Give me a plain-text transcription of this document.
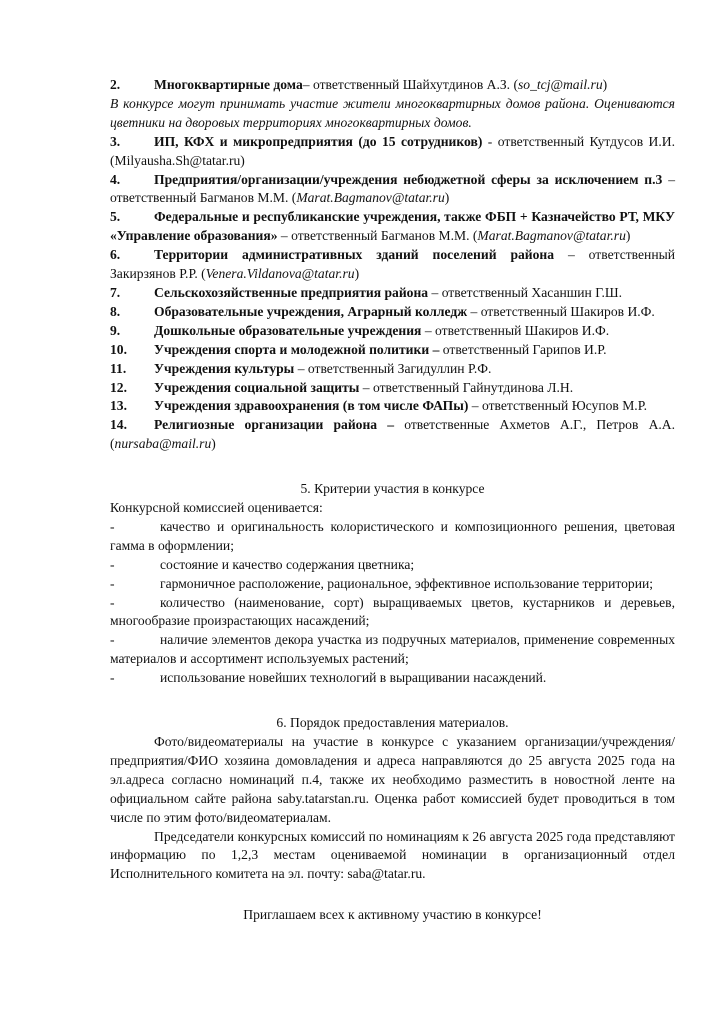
2. Многоквартирные дома– ответственный Шайхутдинов А.З. (so_tcj@mail.ru)
В конкурсе могут принимать участие жители многоквартирных домов района. Оцениваются цветники на дворовых территориях многоквартирных домов.
3. ИП, КФХ и микропредприятия (до 15 сотрудников) - ответственный Кутдусов И.И. (Milyausha.Sh@tatar.ru)
4. Предприятия/организации/учреждения небюджетной сферы за исключением п.3 – ответственный Багманов М.М. (Marat.Bagmanov@tatar.ru)
5. Федеральные и республиканские учреждения, также ФБП + Казначейство РТ, МКУ «Управление образования» – ответственный Багманов М.М. (Marat.Bagmanov@tatar.ru)
6. Территории административных зданий поселений района – ответственный Закирзянов Р.Р. (Venera.Vildanova@tatar.ru)
7. Сельскохозяйственные предприятия района – ответственный Хасаншин Г.Ш.
8. Образовательные учреждения, Аграрный колледж – ответственный Шакиров И.Ф.
9. Дошкольные образовательные учреждения – ответственный Шакиров И.Ф.
10. Учреждения спорта и молодежной политики – ответственный Гарипов И.Р.
11. Учреждения культуры – ответственный Загидуллин Р.Ф.
12. Учреждения социальной защиты – ответственный Гайнутдинова Л.Н.
13. Учреждения здравоохранения (в том числе ФАПы) – ответственный Юсупов М.Р.
14. Религиозные организации района – ответственные Ахметов А.Г., Петров А.А. (nursaba@mail.ru)
5. Критерии участия в конкурсе
Конкурсной комиссией оценивается:
-	качество и оригинальность колористического и композиционного решения, цветовая гамма в оформлении;
-	состояние и качество содержания цветника;
-	гармоничное расположение, рациональное, эффективное использование территории;
-	количество (наименование, сорт) выращиваемых цветов, кустарников и деревьев, многообразие произрастающих насаждений;
-	наличие элементов декора участка из подручных материалов, применение современных материалов и ассортимент используемых растений;
-	использование новейших технологий в выращивании насаждений.
6. Порядок предоставления материалов.

Фото/видеоматериалы на участие в конкурсе с указанием организации/учреждения/предприятия/ФИО хозяина домовладения и адреса направляются до 25 августа 2025 года на эл.адреса согласно номинаций п.4, также их необходимо разместить в новостной ленте на официальном сайте района saby.tatarstan.ru. Оценка работ комиссией будет проводиться в том числе по этим фото/видеоматериалам.

Председатели конкурсных комиссий по номинациям к 26 августа 2025 года представляют информацию по 1,2,3 местам оцениваемой номинации в организационный отдел Исполнительного комитета на эл. почту: saba@tatar.ru.

Приглашаем всех к активному участию в конкурсе!
